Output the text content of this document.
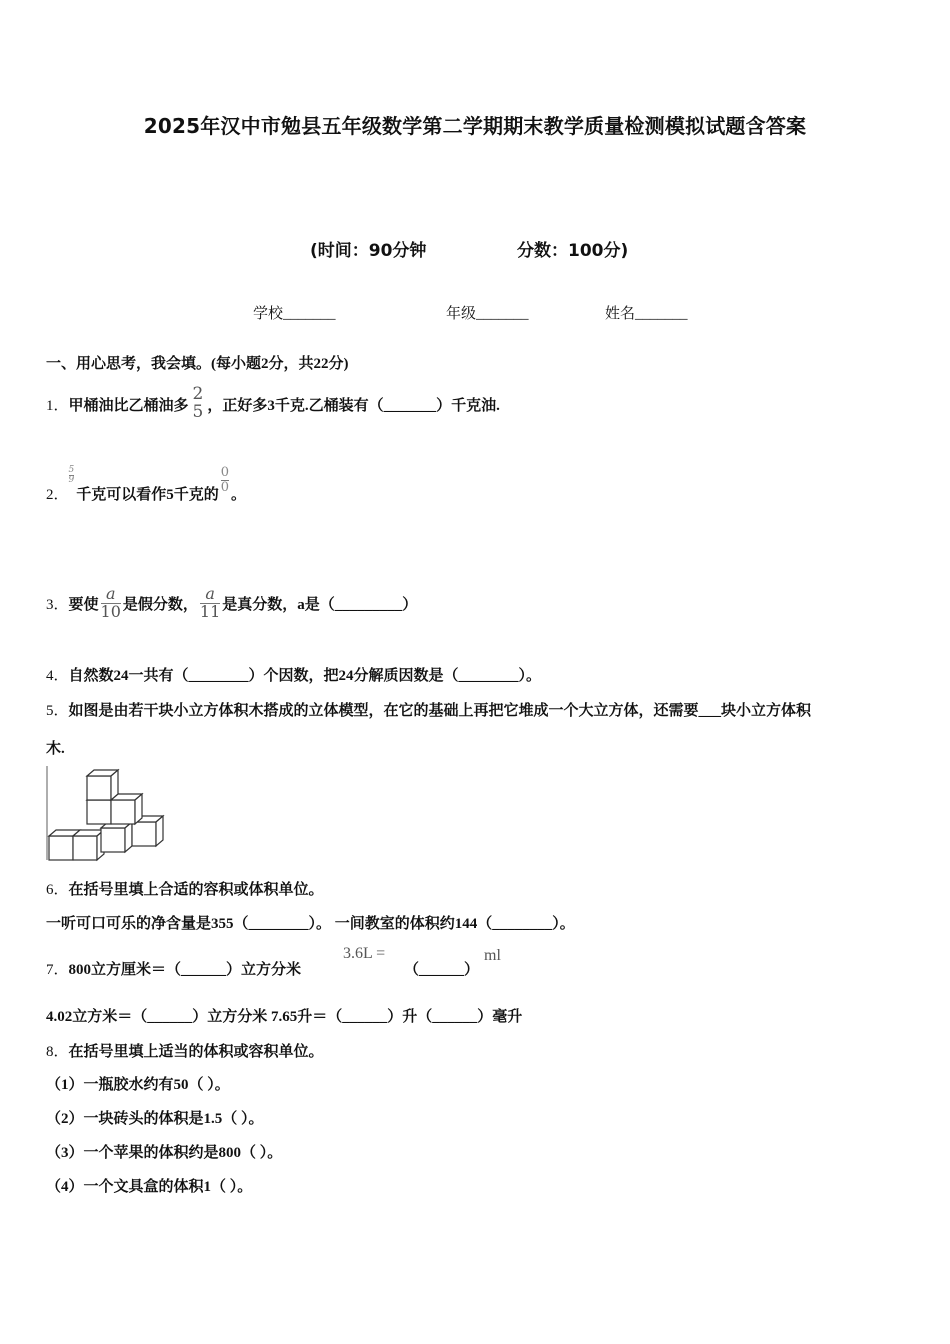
2025年汉中市勉县五年级数学第二学期期末教学质量检测模拟试题含答案
(时间：90分钟	分数：100分)
学校_______	年级_______	姓名_______
一、用心思考，我会填。(每小题2分，共22分)
1． 甲桶油比乙桶油多
2
5 ，正好多3千克.乙桶装有（_______）千克油.
2．
$\frac{5}{9}$
千克可以看作5千克的
$\frac{0}{0}$
。
3． 要使 $\frac{a}{10}$ 是假分数， $\frac{a}{11}$ 是真分数，a是（_________）
4．自然数24一共有（________）个因数，把24分解质因数是（________）。
5．如图是由若干块小立方体积木搭成的立体模型，在它的基础上再把它堆成一个大立方体，还需要___块小立方体积
木.
6．在括号里填上合适的容积或体积单位。
一听可口可乐的净含量是355（________）。 一间教室的体积约144（________）。
7．800立方厘米＝（______）立方分米
3.6L =
（______）
ml
4.02立方米＝（______）立方分米 7.65升＝（______）升（______）毫升
8．在括号里填上适当的体积或容积单位。
（1）一瓶胶水约有50（ ）。
（2）一块砖头的体积是1.5（ ）。
（3）一个苹果的体积约是800（ ）。
（4）一个文具盒的体积1（ ）。
